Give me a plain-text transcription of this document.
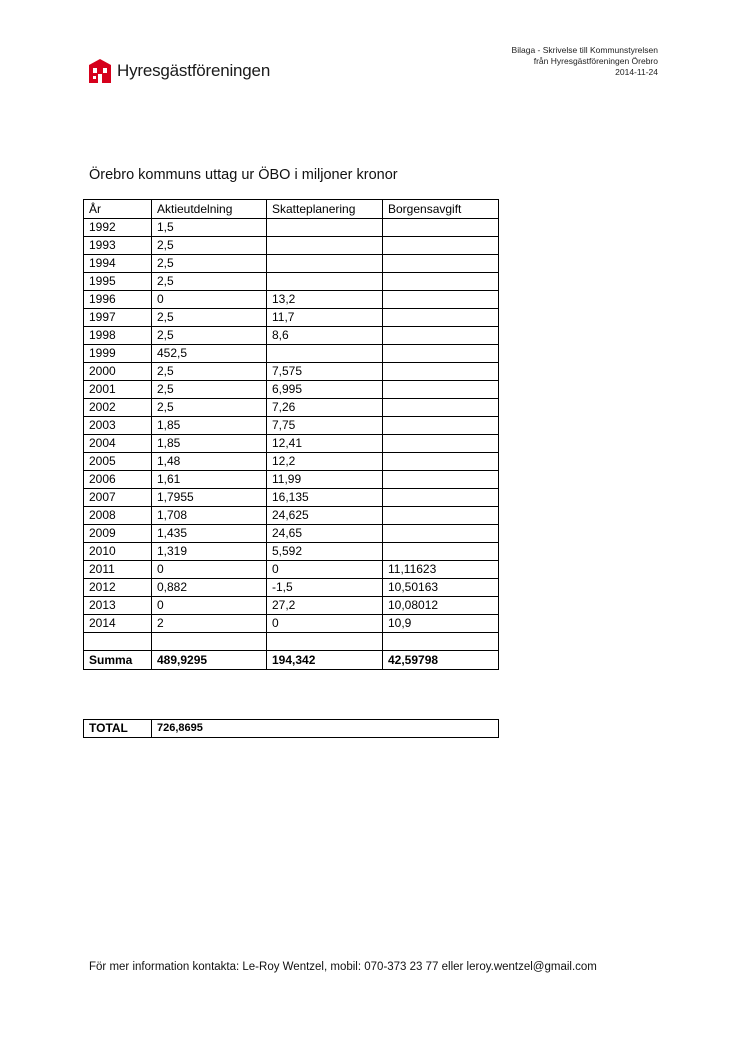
Hyresgästföreningen
Bilaga - Skrivelse till Kommunstyrelsen
från Hyresgästföreningen Örebro
2014-11-24
Örebro kommuns uttag ur ÖBO i miljoner kronor
År	Aktieutdelning	Skatteplanering	Borgensavgift
1992	1,5		
1993	2,5		
1994	2,5		
1995	2,5		
1996	0	13,2	
1997	2,5	11,7	
1998	2,5	8,6	
1999	452,5		
2000	2,5	7,575	
2001	2,5	6,995	
2002	2,5	7,26	
2003	1,85	7,75	
2004	1,85	12,41	
2005	1,48	12,2	
2006	1,61	11,99	
2007	1,7955	16,135	
2008	1,708	24,625	
2009	1,435	24,65	
2010	1,319	5,592	
2011	0	0	11,11623
2012	0,882	-1,5	10,50163
2013	0	27,2	10,08012
2014	2	0	10,9

Summa	489,9295	194,342	42,59798
TOTAL	726,8695
För mer information kontakta: Le-Roy Wentzel, mobil: 070-373 23 77 eller leroy.wentzel@gmail.com
